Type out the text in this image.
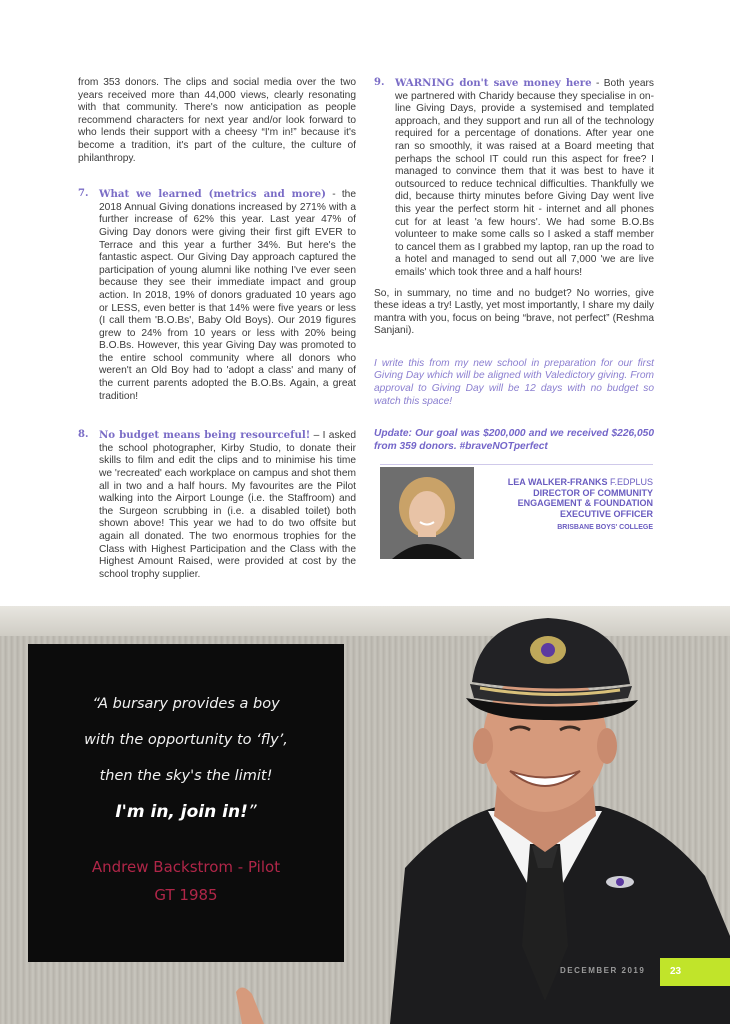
from 353 donors. The clips and social media over the two years received more than 44,000 views, clearly resonating with that community. There's now anticipation as people recommend characters for next year and/or look forward to who lends their support with a cheesy “I'm in!” because it's become a tradition, it's part of the culture, the culture of philanthropy.

7.	What we learned (metrics and more) - the 2018 Annual Giving donations increased by 271% with a further increase of 62% this year. Last year 47% of Giving Day donors were giving their first gift EVER to Terrace and this year a further 34%. But here's the fantastic aspect. Our Giving Day approach captured the participation of young alumni like nothing I've ever seen because they see their immediate impact and group action. In 2018, 19% of donors graduated 10 years ago or LESS, even better is that 14% were five years or less (I call them 'B.O.Bs', Baby Old Boys). Our 2019 figures grew to 24% from 10 years or less with 20% being B.O.Bs. However, this year Giving Day was promoted to the entire school community where all donors who weren't an Old Boy had to 'adopt a class' and many of the current parents adopted the B.O.Bs. Again, a great tradition!
8.	No budget means being resourceful! – I asked the school photographer, Kirby Studio, to donate their skills to film and edit the clips and to minimise his time we 'recreated' each workplace on campus and shot them all in two and a half hours. My favourites are the Pilot walking into the Airport Lounge (i.e. the Staffroom) and the Surgeon scrubbing in (i.e. a disabled toilet) both shown above! This year we had to do two offsite but again all donated. The two enormous trophies for the Class with Highest Participation and the Class with the Highest Amount Raised, were provided at cost by the school trophy supplier.
9.	WARNING don't save money here - Both years we partnered with Charidy because they specialise in on-line Giving Days, provide a systemised and templated approach, and they support and run all of the technology required for a percentage of donations. After year one ran so smoothly, it was raised at a Board meeting that perhaps the school IT could run this aspect for free? I managed to convince them that it was best to have it outsourced to reduce technical difficulties. Thankfully we did, because thirty minutes before Giving Day went live this year the perfect storm hit - internet and all phones cut for at least 'a few hours'. We had some B.O.Bs volunteer to make some calls so I asked a staff member to cancel them as I grabbed my laptop, ran up the road to a hotel and managed to send out all 7,000 'we are live emails' which took three and a half hours!

So, in summary, no time and no budget? No worries, give these ideas a try! Lastly, yet most importantly, I share my daily mantra with you, focus on being “brave, not perfect” (Reshma Sanjani).

I write this from my new school in preparation for our first Giving Day which will be aligned with Valedictory giving. From approval to Giving Day will be 12 days with no budget so watch this space!

Update: Our goal was $200,000 and we received $226,050 from 359 donors. #braveNOTperfect

LEA WALKER-FRANKS F.EDPLUS
DIRECTOR OF COMMUNITY
ENGAGEMENT & FOUNDATION
EXECUTIVE OFFICER
BRISBANE BOYS' COLLEGE
“A bursary provides a boy
with the opportunity to ‘fly’,
then the sky's the limit!
I'm in, join in!”
Andrew Backstrom - Pilot
GT 1985
DECEMBER 2019	23
